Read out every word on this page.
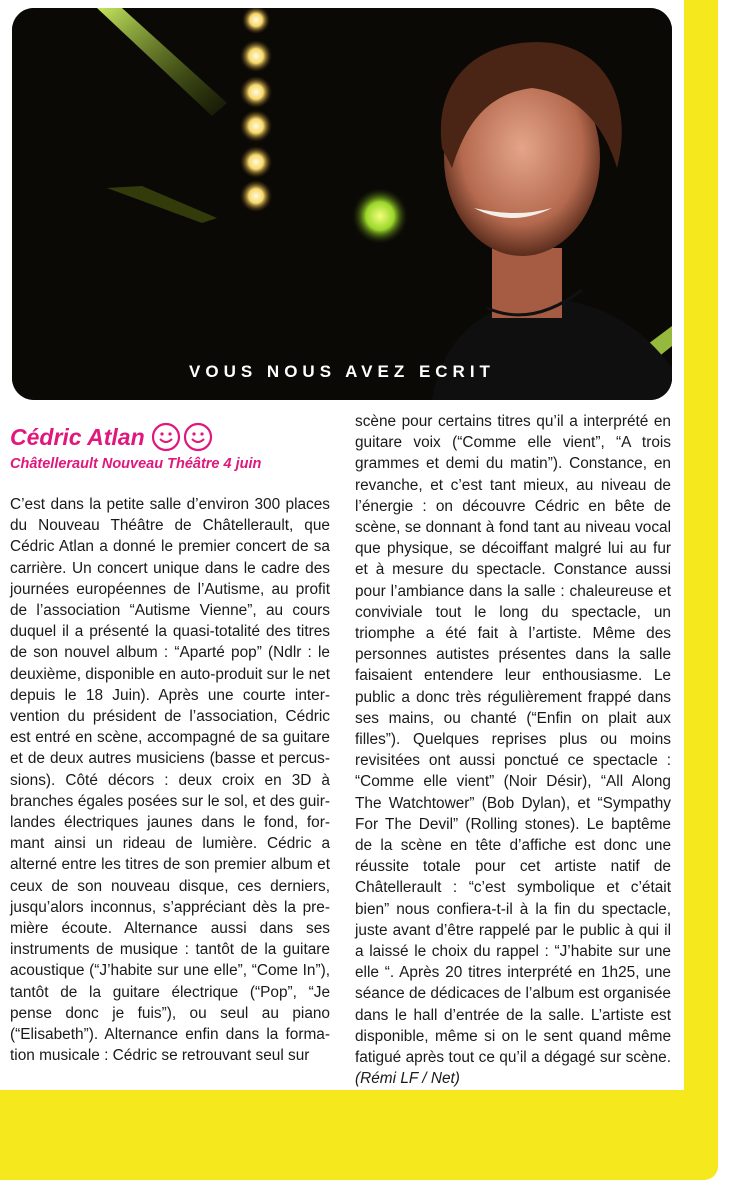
VOUS NOUS AVEZ ECRIT
Cédric Atlan
Châtellerault Nouveau Théâtre 4 juin

C’est dans la petite salle d’environ 300 places du Nouveau Théâtre de Châtellerault, que Cédric Atlan a donné le premier concert de sa carrière. Un concert unique dans le cadre des journées européennes de l’Autisme, au profit de l’association “Autisme Vienne”, au cours duquel il a présenté la quasi-totalité des titres de son nouvel album : “Aparté pop” (Ndlr : le deuxième, disponible en auto-produit sur le net depuis le 18 Juin). Après une courte intervention du président de l’association, Cédric est entré en scène, accompagné de sa guitare et de deux autres musiciens (basse et percussions). Côté décors : deux croix en 3D à branches égales posées sur le sol, et des guirlandes électriques jaunes dans le fond, formant ainsi un rideau de lumière. Cédric a alterné entre les titres de son premier album et ceux de son nouveau disque, ces derniers, jusqu’alors inconnus, s’appréciant dès la première écoute. Alternance aussi dans ses instruments de musique : tantôt de la guitare acoustique (“J’habite sur une elle”, “Come In”), tantôt de la guitare électrique (“Pop”, “Je pense donc je fuis”), ou seul au piano (“Elisabeth”). Alternance enfin dans la formation musicale : Cédric se retrouvant seul sur

scène pour certains titres qu’il a interprété en guitare voix (“Comme elle vient”, “A trois grammes et demi du matin”). Constance, en revanche, et c’est tant mieux, au niveau de l’énergie : on découvre Cédric en bête de scène, se donnant à fond tant au niveau vocal que physique, se décoiffant malgré lui au fur et à mesure du spectacle. Constance aussi pour l’ambiance dans la salle : chaleureuse et conviviale tout le long du spectacle, un triomphe a été fait à l’artiste. Même des personnes autistes présentes dans la salle faisaient entendere leur enthousiasme. Le public a donc très régulièrement frappé dans ses mains, ou chanté (“Enfin on plait aux filles”). Quelques reprises plus ou moins revisitées ont aussi ponctué ce spectacle : “Comme elle vient” (Noir Désir), “All Along The Watchtower” (Bob Dylan), et “Sympathy For The Devil” (Rolling stones). Le baptême de la scène en tête d’affiche est donc une réussite totale pour cet artiste natif de Châtellerault : “c’est symbolique et c’était bien” nous confiera-t-il à la fin du spectacle, juste avant d’être rappelé par le public à qui il a laissé le choix du rappel : “J’habite sur une elle “. Après 20 titres interprété en 1h25, une séance de dédicaces de l’album est organisée dans le hall d’entrée de la salle. L’artiste est disponible, même si on le sent quand même fatigué après tout ce qu’il a dégagé sur scène. (Rémi LF / Net)
